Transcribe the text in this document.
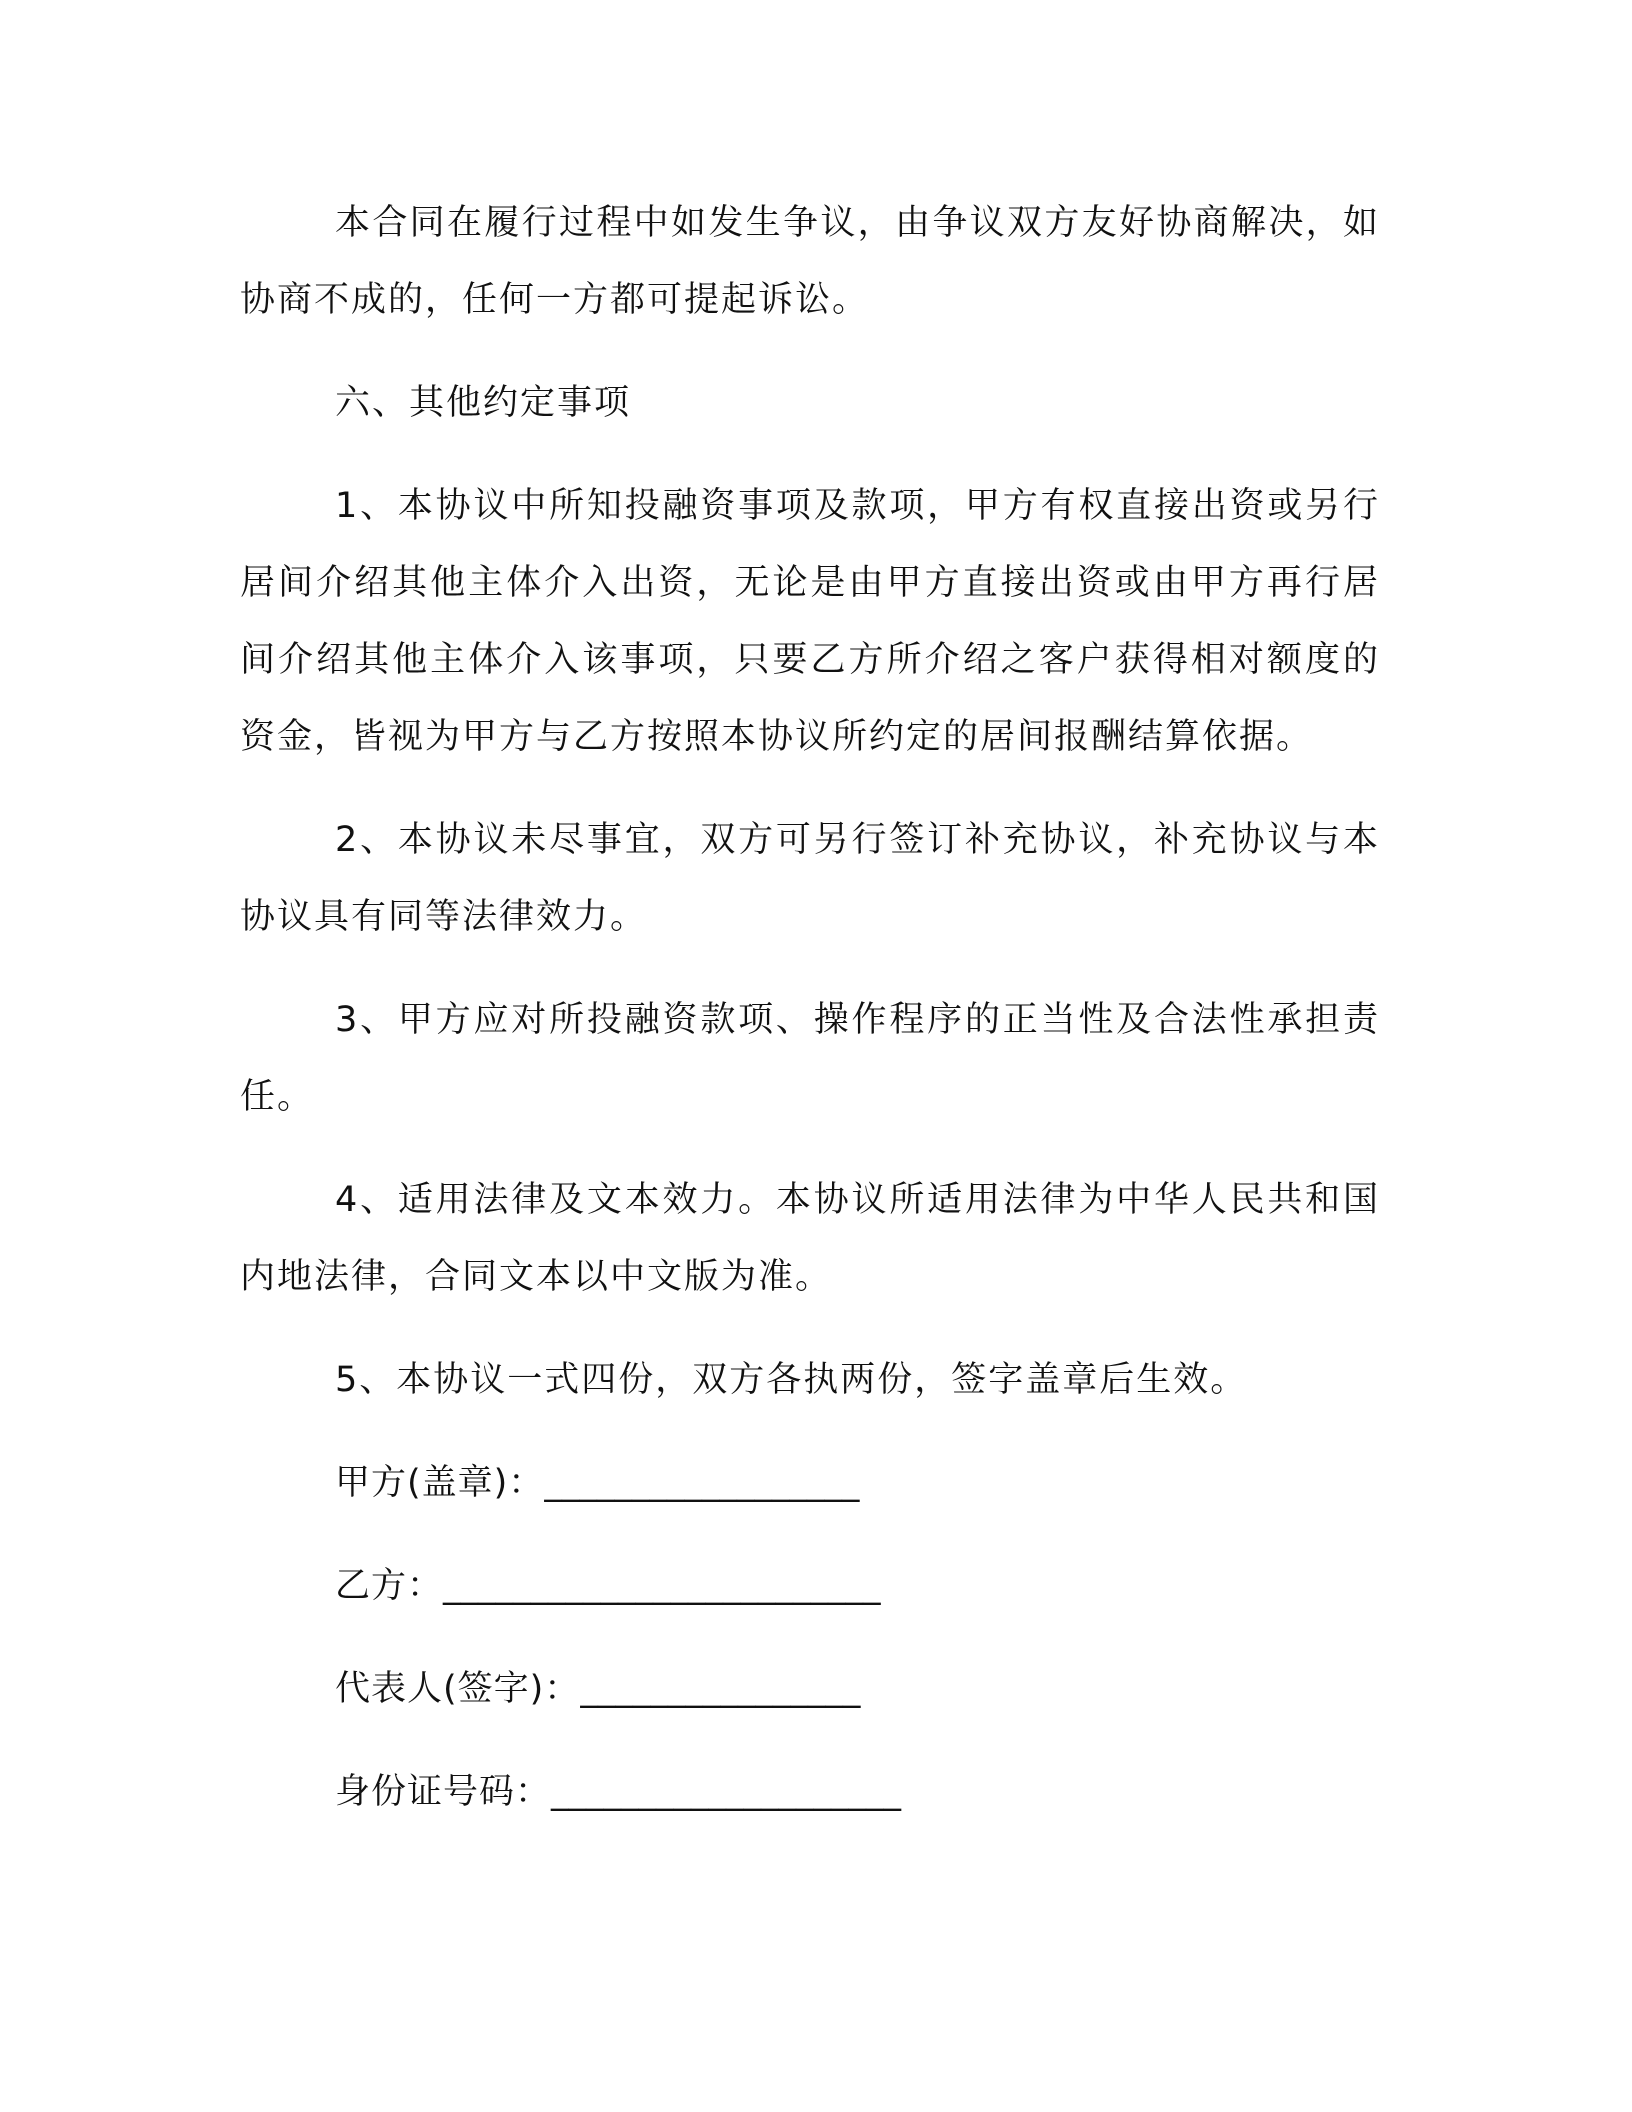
本合同在履行过程中如发生争议，由争议双方友好协商解决，如协商不成的，任何一方都可提起诉讼。

六、其他约定事项

1、本协议中所知投融资事项及款项，甲方有权直接出资或另行居间介绍其他主体介入出资，无论是由甲方直接出资或由甲方再行居间介绍其他主体介入该事项，只要乙方所介绍之客户获得相对额度的资金，皆视为甲方与乙方按照本协议所约定的居间报酬结算依据。

2、本协议未尽事宜，双方可另行签订补充协议，补充协议与本协议具有同等法律效力。

3、甲方应对所投融资款项、操作程序的正当性及合法性承担责任。

4、适用法律及文本效力。本协议所适用法律为中华人民共和国内地法律，合同文本以中文版为准。

5、本协议一式四份，双方各执两份，签字盖章后生效。

甲方(盖章)：__________________
乙方：_________________________
代表人(签字)：________________
身份证号码：____________________
